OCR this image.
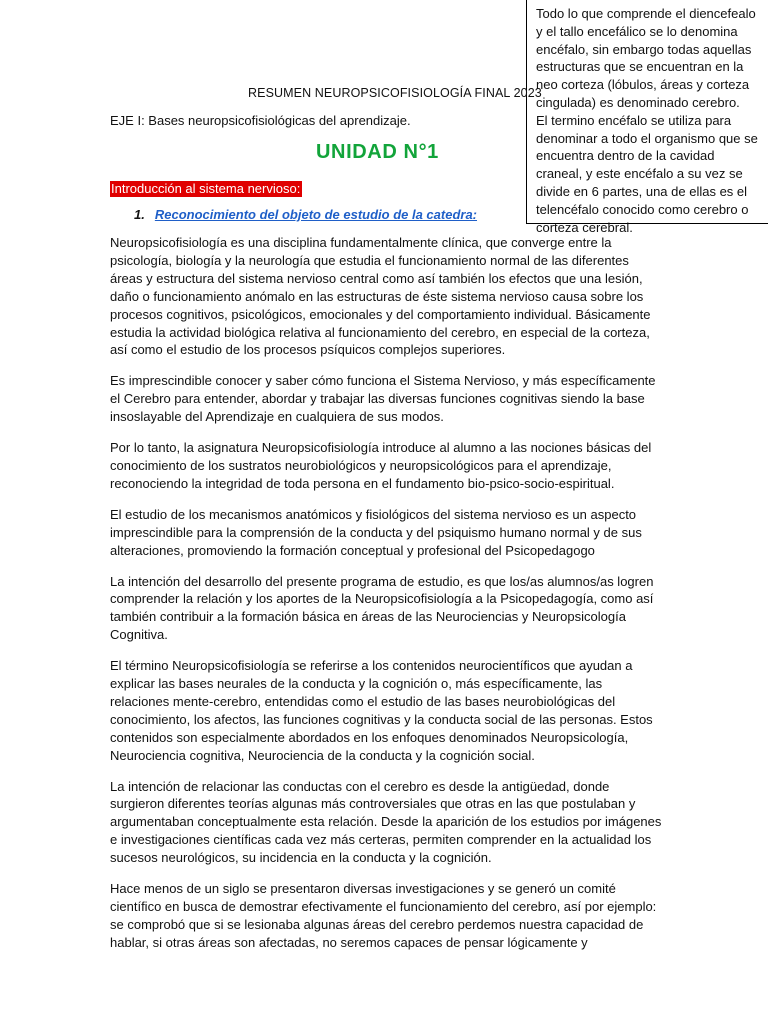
Todo lo que comprende el diencefealo y el tallo encefálico se lo denomina encéfalo, sin embargo todas aquellas estructuras que se encuentran en la neo corteza (lóbulos, áreas y corteza cingulada) es denominado cerebro.

El termino encéfalo se utiliza para denominar a todo el organismo que se encuentra dentro de la cavidad craneal, y este encéfalo a su vez se divide en 6 partes, una de ellas es el telencéfalo conocido como cerebro o corteza cerebral.

RESUMEN NEUROPSICOFISIOLOGÍA FINAL 2023
EJE I: Bases neuropsicofisiológicas del aprendizaje.
UNIDAD N°1
Introducción al sistema nervioso:
1. Reconocimiento del objeto de estudio de la catedra:

Neuropsicofisiología es una disciplina fundamentalmente clínica, que converge entre la psicología, biología y la neurología que estudia el funcionamiento normal de las diferentes áreas y estructura del sistema nervioso central como así también los efectos que una lesión, daño o funcionamiento anómalo en las estructuras de éste sistema nervioso causa sobre los procesos cognitivos, psicológicos, emocionales y del comportamiento individual. Básicamente estudia la actividad biológica relativa al funcionamiento del cerebro, en especial de la corteza, así como el estudio de los procesos psíquicos complejos superiores.

Es imprescindible conocer y saber cómo funciona el Sistema Nervioso, y más específicamente el Cerebro para entender, abordar y trabajar las diversas funciones cognitivas siendo la base insoslayable del Aprendizaje en cualquiera de sus modos.

Por lo tanto, la asignatura Neuropsicofisiología introduce al alumno a las nociones básicas del conocimiento de los sustratos neurobiológicos y neuropsicológicos para el aprendizaje, reconociendo la integridad de toda persona en el fundamento bio-psico-socio-espiritual.

El estudio de los mecanismos anatómicos y fisiológicos del sistema nervioso es un aspecto imprescindible para la comprensión de la conducta y del psiquismo humano normal y de sus alteraciones, promoviendo la formación conceptual y profesional del Psicopedagogo

La intención del desarrollo del presente programa de estudio, es que los/as alumnos/as logren comprender la relación y los aportes de la Neuropsicofisiología a la Psicopedagogía, como así también contribuir a la formación básica en áreas de las Neurociencias y Neuropsicología Cognitiva.

El término Neuropsicofisiología se referirse a los contenidos neurocientíficos que ayudan a explicar las bases neurales de la conducta y la cognición o, más específicamente, las relaciones mente-cerebro, entendidas como el estudio de las bases neurobiológicas del conocimiento, los afectos, las funciones cognitivas y la conducta social de las personas. Estos contenidos son especialmente abordados en los enfoques denominados Neuropsicología, Neurociencia cognitiva, Neurociencia de la conducta y la cognición social.

La intención de relacionar las conductas con el cerebro es desde la antigüedad, donde surgieron diferentes teorías algunas más controversiales que otras en las que postulaban y argumentaban conceptualmente esta relación. Desde la aparición de los estudios por imágenes e investigaciones científicas cada vez más certeras, permiten comprender en la actualidad los sucesos neurológicos, su incidencia en la conducta y la cognición.

Hace menos de un siglo se presentaron diversas investigaciones y se generó un comité científico en busca de demostrar efectivamente el funcionamiento del cerebro, así por ejemplo: se comprobó que si se lesionaba algunas áreas del cerebro perdemos nuestra capacidad de hablar, si otras áreas son afectadas, no seremos capaces de pensar lógicamente y
